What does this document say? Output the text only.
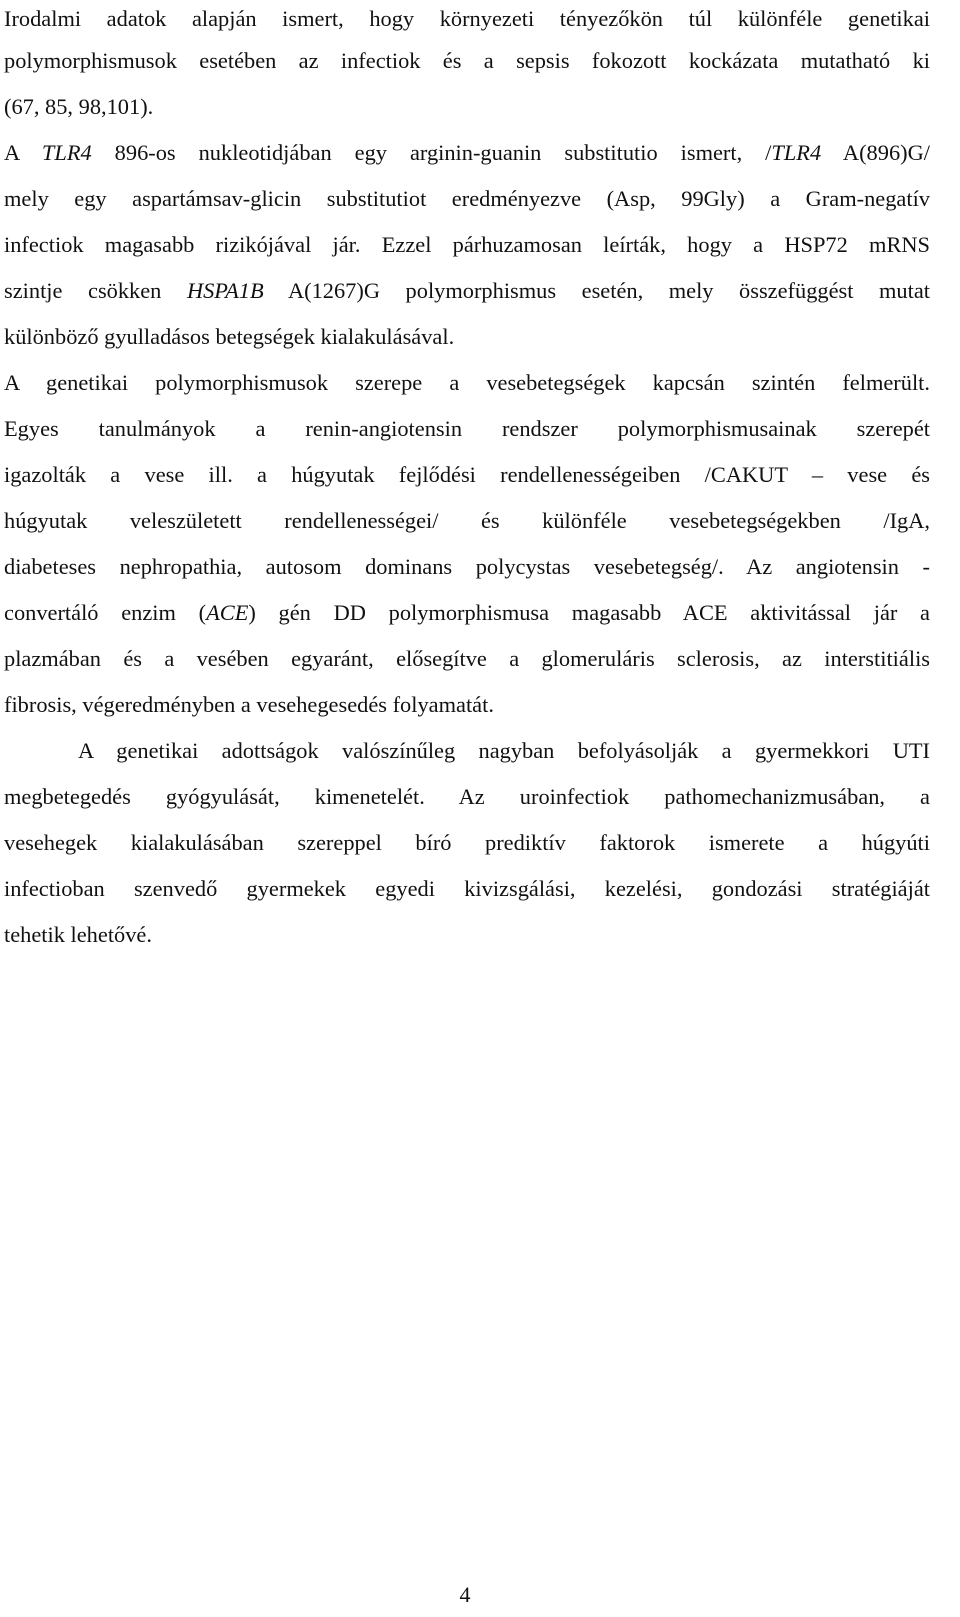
Irodalmi adatok alapján ismert, hogy környezeti tényezőkön túl különféle genetikai
polymorphismusok esetében az infectiok és a sepsis fokozott kockázata mutatható ki
(67, 85, 98,101).
A TLR4 896-os nukleotidjában egy arginin-guanin substitutio ismert, /TLR4 A(896)G/
mely egy aspartámsav-glicin substitutiot eredményezve (Asp, 99Gly) a Gram-negatív
infectiok magasabb rizikójával jár. Ezzel párhuzamosan leírták, hogy a HSP72 mRNS
szintje csökken HSPA1B A(1267)G polymorphismus esetén, mely összefüggést mutat
különböző gyulladásos betegségek kialakulásával.
A genetikai polymorphismusok szerepe a vesebetegségek kapcsán szintén felmerült.
Egyes tanulmányok a renin-angiotensin rendszer polymorphismusainak szerepét
igazolták a vese ill. a húgyutak fejlődési rendellenességeiben /CAKUT – vese és
húgyutak veleszületett rendellenességei/ és különféle vesebetegségekben /IgA,
diabeteses nephropathia, autosom dominans polycystas vesebetegség/. Az angiotensin -
convertáló enzim (ACE) gén DD polymorphismusa magasabb ACE aktivitással jár a
plazmában és a vesében egyaránt, elősegítve a glomeruláris sclerosis, az interstitiális
fibrosis, végeredményben a vesehegesedés folyamatát.
A genetikai adottságok valószínűleg nagyban befolyásolják a gyermekkori UTI
megbetegedés gyógyulását, kimenetelét. Az uroinfectiok pathomechanizmusában, a
vesehegek kialakulásában szereppel bíró prediktív faktorok ismerete a húgyúti
infectioban szenvedő gyermekek egyedi kivizsgálási, kezelési, gondozási stratégiáját
tehetik lehetővé.
4
